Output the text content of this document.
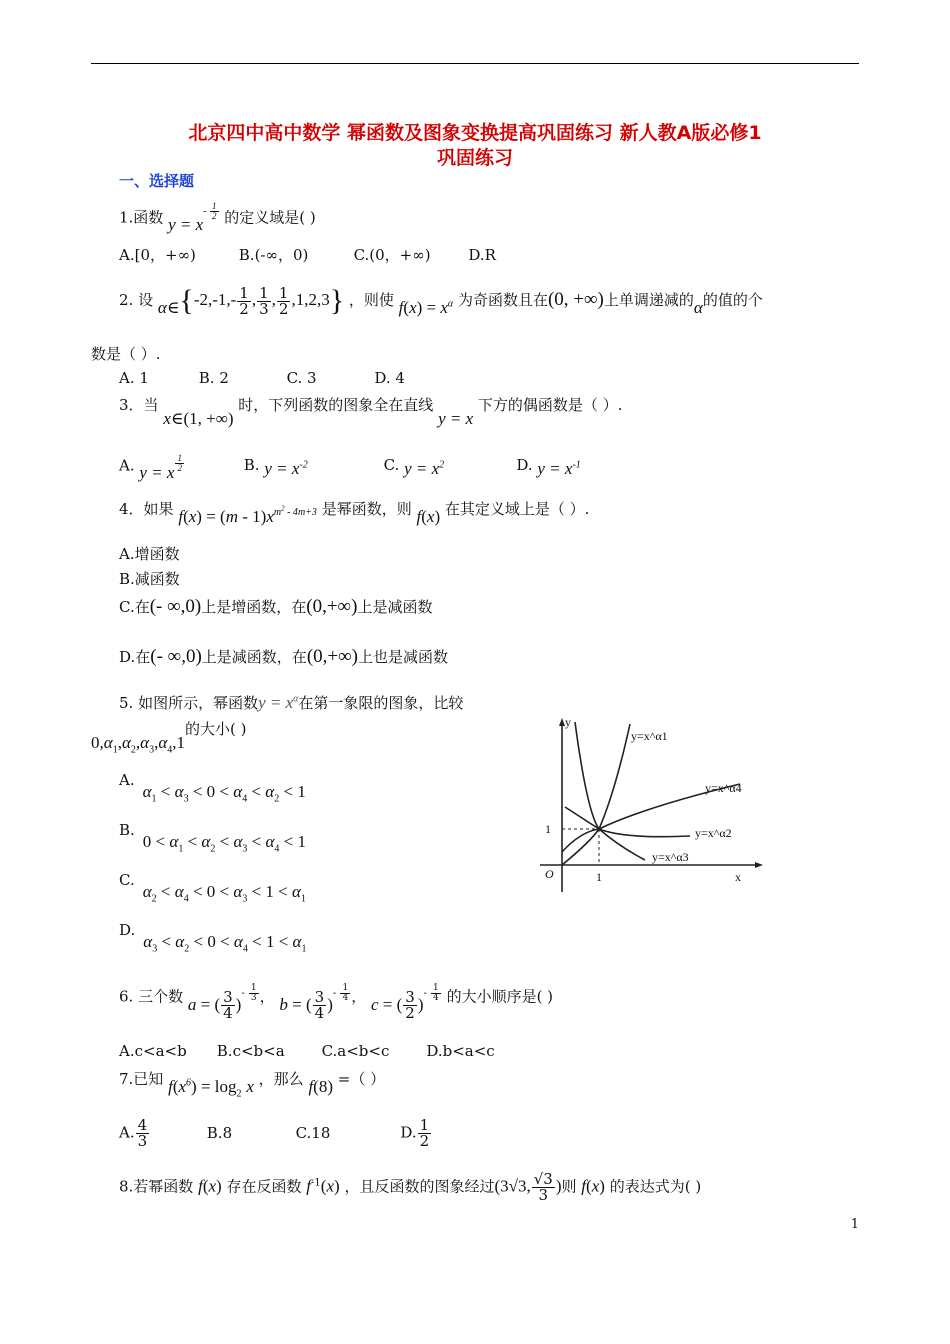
北京四中高中数学 幂函数及图象变换提高巩固练习 新人教A版必修1
巩固练习
一、选择题
1.函数 $y = x^{- \frac{1}{2}}$ 的定义域是( )
A.[0，+∞)	B.(-∞，0)	C.(0，+∞)	D.R
2. 设 α∈{-2,-1,- $\frac{1}{2}$ , $\frac{1}{3}$ , $\frac{1}{2} ,1,2,3$} ，则使 $f(x) = x^\alpha$ 为奇函数且在(0, +∞)上单调递减的α的值的个
数是（ ）.
A. 1	B. 2	C. 3	D. 4
3．当 x∈(1, +∞) 时，下列函数的图象全在直线 y = x 下方的偶函数是（ ）.
A. y = x $^{\frac{1}{2}}$	B. $y = x^{-2}$	C. $y = x^2$	D. $y = x^{-1}$
4．如果 $f(x) = (m - 1)x^{m^2 - 4m+3}$ 是幂函数，则 f(x) 在其定义域上是（ ）.
A.增函数
B.减函数
C.在(- ∞,0)上是增函数，在(0,+∞)上是减函数
D.在(- ∞,0)上是减函数，在(0,+∞)上也是减函数
5. 如图所示，幂函数$y = x^\alpha$在第一象限的图象，比较
$0,\alpha_1,\alpha_2,\alpha_3,\alpha_4,1$的大小( )
$A.\alpha_1 < \alpha_3 < 0 < \alpha_4 < \alpha_2 < 1$
$B.0 < \alpha_1 < \alpha_2 < \alpha_3 < \alpha_4 < 1$
$C.\alpha_2 < \alpha_4 < 0 < \alpha_3 < 1 < \alpha_1$
$D.\alpha_3 < \alpha_2 < 0 < \alpha_4 < 1 < \alpha_1$
y
x
O	1
1
y=x^α1
y=x^α4
y=x^α2
y=x^α3
6. 三个数 a = ( $\frac{3}{4} )^{- \frac{1}{3}}$ ， b = ( $\frac{3}{4} )^{- \frac{1}{4}}$ ， c = ( $\frac{3}{2} )^{- \frac{1}{4}}$ 的大小顺序是( )
A.c<a<b B.c<b<a C.a<b<c D.b<a<c
7.已知 $f(x^6) = \log_2 x$ ，那么 f(8) =（ ）
A. $\frac{4}{3}$	B.8	C.18	D. $\frac{1}{2}$
8.若幂函数 f(x) 存在反函数 $f^{-1}(x)$ ，且反函数的图象经过(3√3, $\frac{√3}{3}$ )则 f(x) 的表达式为( )
1
